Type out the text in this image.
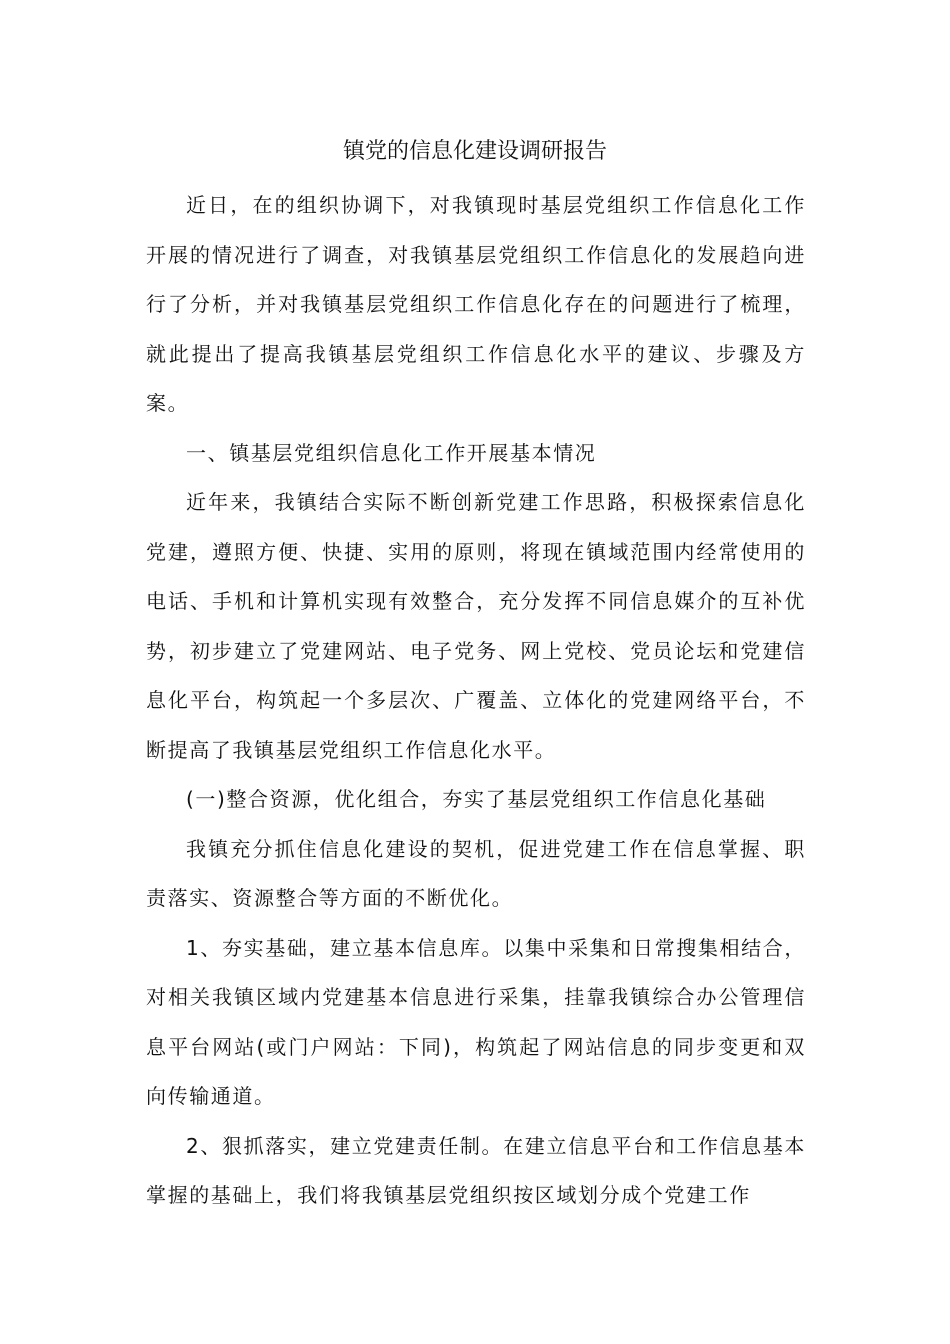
镇党的信息化建设调研报告

近日，在的组织协调下，对我镇现时基层党组织工作信息化工作开展的情况进行了调查，对我镇基层党组织工作信息化的发展趋向进行了分析，并对我镇基层党组织工作信息化存在的问题进行了梳理，就此提出了提高我镇基层党组织工作信息化水平的建议、步骤及方案。

一、镇基层党组织信息化工作开展基本情况

近年来，我镇结合实际不断创新党建工作思路，积极探索信息化党建，遵照方便、快捷、实用的原则，将现在镇域范围内经常使用的电话、手机和计算机实现有效整合，充分发挥不同信息媒介的互补优势，初步建立了党建网站、电子党务、网上党校、党员论坛和党建信息化平台，构筑起一个多层次、广覆盖、立体化的党建网络平台，不断提高了我镇基层党组织工作信息化水平。

(一)整合资源，优化组合，夯实了基层党组织工作信息化基础

我镇充分抓住信息化建设的契机，促进党建工作在信息掌握、职责落实、资源整合等方面的不断优化。

1、夯实基础，建立基本信息库。以集中采集和日常搜集相结合，对相关我镇区域内党建基本信息进行采集，挂靠我镇综合办公管理信息平台网站(或门户网站：下同)，构筑起了网站信息的同步变更和双向传输通道。

2、狠抓落实，建立党建责任制。在建立信息平台和工作信息基本掌握的基础上，我们将我镇基层党组织按区域划分成个党建工作
